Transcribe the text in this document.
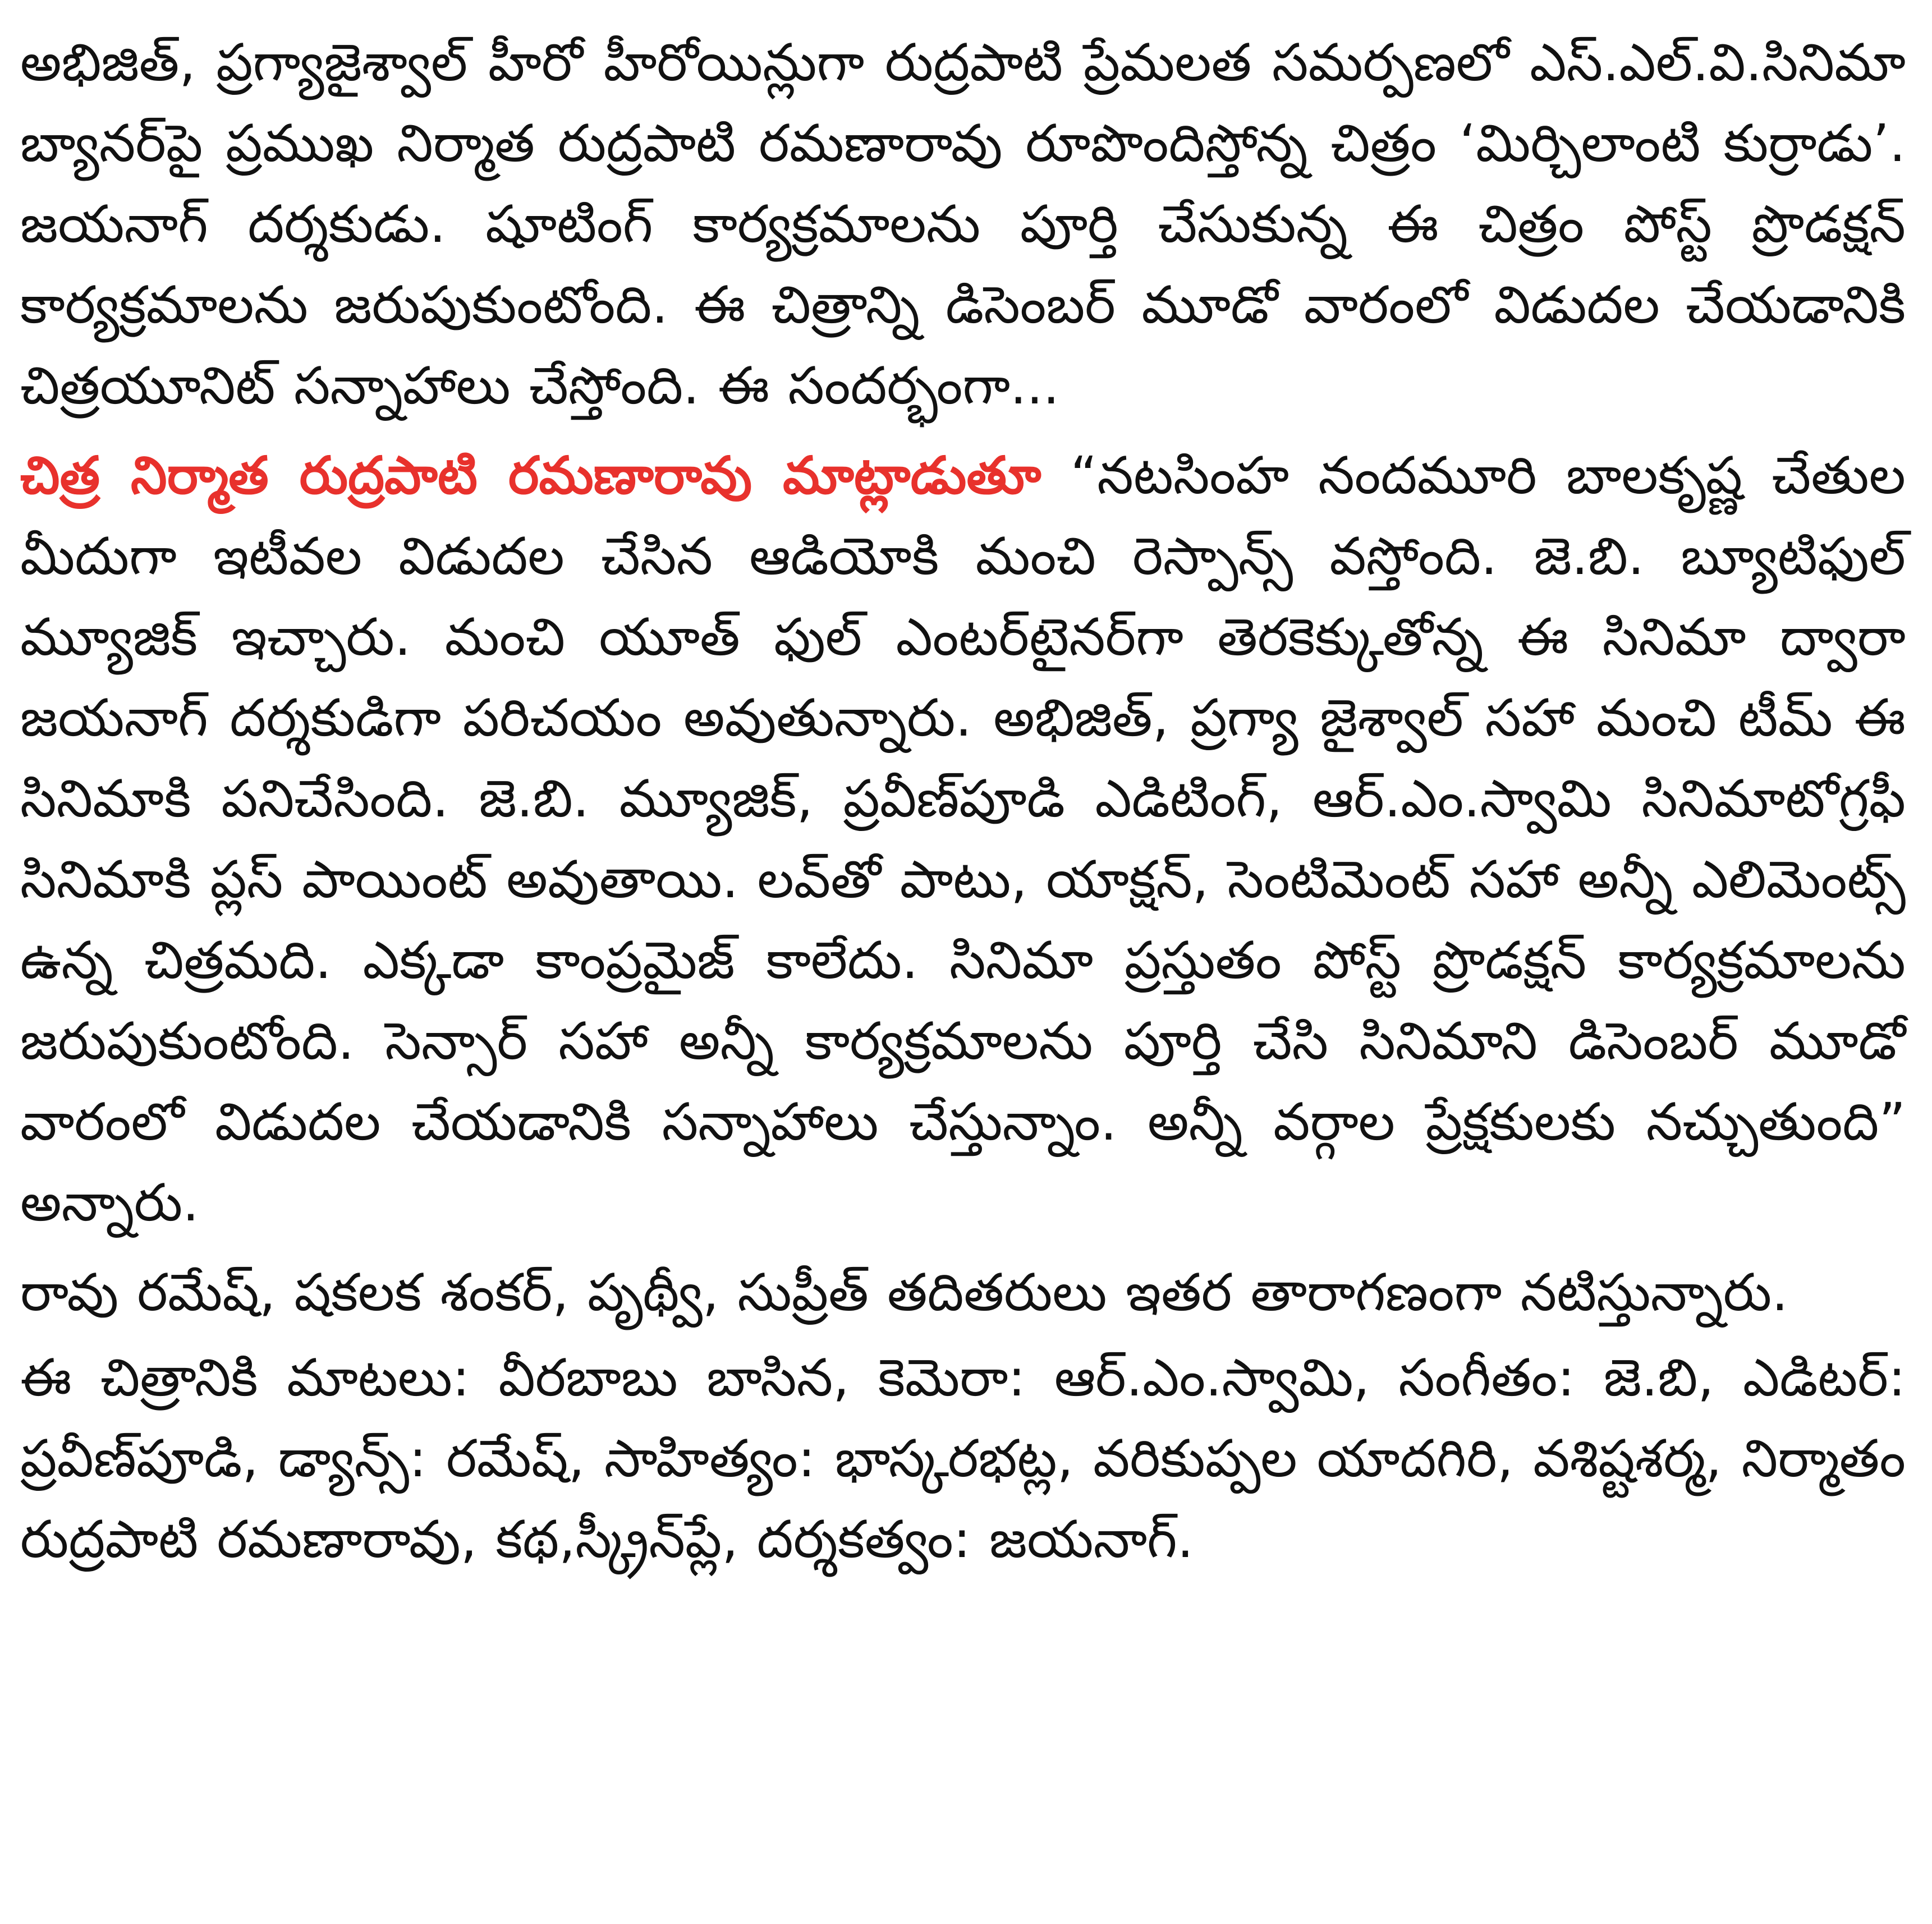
అభిజిత్, ప్రగ్యాజైశ్వాల్ హీరో హీరోయిన్లుగా రుద్రపాటి ప్రేమలత సమర్పణలో ఎస్.ఎల్.వి.సినిమా బ్యానర్‌పై ప్రముఖ నిర్మాత రుద్రపాటి రమణారావు రూపొందిస్తోన్న చిత్రం ‘మిర్చిలాంటి కుర్రాడు’. జయనాగ్ దర్శకుడు. షూటింగ్ కార్యక్రమాలను పూర్తి చేసుకున్న ఈ చిత్రం పోస్ట్ ప్రొడక్షన్ కార్యక్రమాలను జరుపుకుంటోంది. ఈ చిత్రాన్ని డిసెంబర్ మూడో వారంలో విడుదల చేయడానికి చిత్రయూనిట్ సన్నాహాలు చేస్తోంది. ఈ సందర్భంగా...

చిత్ర నిర్మాత రుద్రపాటి రమణారావు మాట్లాడుతూ “నటసింహ నందమూరి బాలకృష్ణ చేతుల మీదుగా ఇటీవల విడుదల చేసిన ఆడియోకి మంచి రెస్పాన్స్ వస్తోంది. జె.బి. బ్యూటిఫుల్ మ్యూజిక్ ఇచ్చారు. మంచి యూత్ ఫుల్ ఎంటర్‌టైనర్‌గా తెరకెక్కుతోన్న ఈ సినిమా ద్వారా జయనాగ్ దర్శకుడిగా పరిచయం అవుతున్నారు. అభిజిత్, ప్రగ్యా జైశ్వాల్ సహా మంచి టీమ్ ఈ సినిమాకి పనిచేసింది. జె.బి. మ్యూజిక్, ప్రవీణ్‌పూడి ఎడిటింగ్, ఆర్.ఎం.స్వామి సినిమాటోగ్రఫీ సినిమాకి ప్లస్ పాయింట్ అవుతాయి. లవ్‌తో పాటు, యాక్షన్, సెంటిమెంట్ సహా అన్నీ ఎలిమెంట్స్ ఉన్న చిత్రమది. ఎక్కడా కాంప్రమైజ్ కాలేదు. సినిమా ప్రస్తుతం పోస్ట్ ప్రొడక్షన్ కార్యక్రమాలను జరుపుకుంటోంది. సెన్సార్ సహా అన్నీ కార్యక్రమాలను పూర్తి చేసి సినిమాని డిసెంబర్ మూడో వారంలో విడుదల చేయడానికి సన్నాహాలు చేస్తున్నాం. అన్నీ వర్గాల ప్రేక్షకులకు నచ్చుతుంది” అన్నారు.

రావు రమేష్, షకలక శంకర్, పృథ్వీ, సుప్రీత్ తదితరులు ఇతర తారాగణంగా నటిస్తున్నారు.

ఈ చిత్రానికి మాటలు: వీరబాబు బాసిన, కెమెరా: ఆర్.ఎం.స్వామి, సంగీతం: జె.బి, ఎడిటర్: ప్రవీణ్‌పూడి, డ్యాన్స్: రమేష్, సాహిత్యం: భాస్కరభట్ల, వరికుప్పల యాదగిరి, వశిష్టశర్మ, నిర్మాతం రుద్రపాటి రమణారావు, కథ,స్క్రీన్‌ప్లే, దర్శకత్వం: జయనాగ్.
